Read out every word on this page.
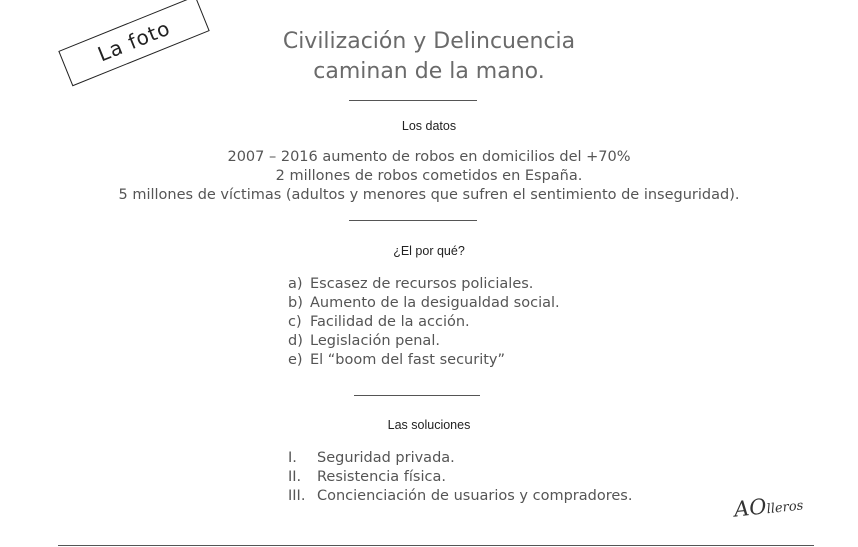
La foto	Civilización y Delincuencia
caminan de la mano.
Los datos
2007 – 2016 aumento de robos en domicilios del +70%
2 millones de robos cometidos en España.
5 millones de víctimas (adultos y menores que sufren el sentimiento de inseguridad).
¿El por qué?
a) Escasez de recursos policiales.
b) Aumento de la desigualdad social.
c) Facilidad de la acción.
d) Legislación penal.
e) El “boom del fast security”
Las soluciones
I.	Seguridad privada.
II.	Resistencia física.
III. Concienciación de usuarios y compradores.	AOlleros
